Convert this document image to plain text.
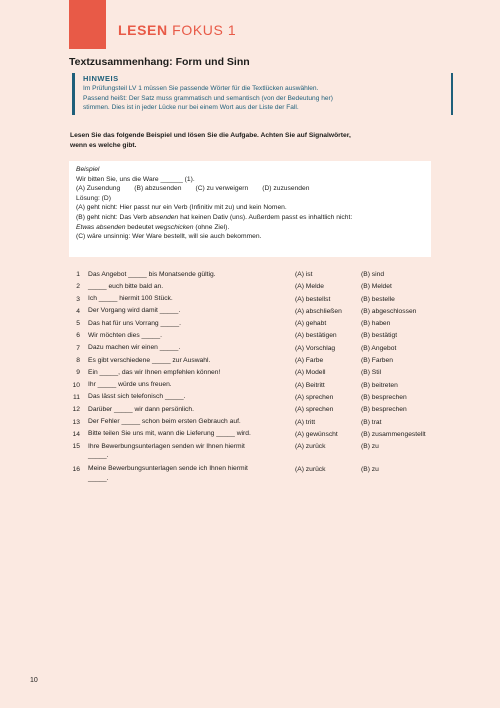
LESEN FOKUS 1
Textzusammenhang: Form und Sinn
HINWEIS
Im Prüfungsteil LV 1 müssen Sie passende Wörter für die Textlücken auswählen.
Passend heißt: Der Satz muss grammatisch und semantisch (von der Bedeutung her)
stimmen. Dies ist in jeder Lücke nur bei einem Wort aus der Liste der Fall.
Lesen Sie das folgende Beispiel und lösen Sie die Aufgabe. Achten Sie auf Signalwörter,
wenn es welche gibt.
Beispiel
Wir bitten Sie, uns die Ware ______ (1).
(A) Zusendung (B) abzusenden (C) zu verweigern (D) zuzusenden
Lösung: (D)
(A) geht nicht: Hier passt nur ein Verb (Infinitiv mit zu) und kein Nomen.
(B) geht nicht: Das Verb absenden hat keinen Dativ (uns). Außerdem passt es inhaltlich nicht:
Etwas absenden bedeutet wegschicken (ohne Ziel).
(C) wäre unsinnig: Wer Ware bestellt, will sie auch bekommen.
1 Das Angebot _____ bis Monatsende gültig.	(A) ist	(B) sind
2 _____ euch bitte bald an.	(A) Melde	(B) Meldet
3 Ich _____ hiermit 100 Stück.	(A) bestellst	(B) bestelle
4 Der Vorgang wird damit _____.	(A) abschließen	(B) abgeschlossen
5 Das hat für uns Vorrang _____.	(A) gehabt	(B) haben
6 Wir möchten dies _____.	(A) bestätigen	(B) bestätigt
7 Dazu machen wir einen _____.	(A) Vorschlag	(B) Angebot
8 Es gibt verschiedene _____ zur Auswahl.	(A) Farbe	(B) Farben
9 Ein _____, das wir Ihnen empfehlen können!	(A) Modell	(B) Stil
10 Ihr _____ würde uns freuen.	(A) Beitritt	(B) beitreten
11 Das lässt sich telefonisch _____.	(A) sprechen	(B) besprechen
12 Darüber _____ wir dann persönlich.	(A) sprechen	(B) besprechen
13 Der Fehler _____ schon beim ersten Gebrauch auf.	(A) tritt	(B) trat
14 Bitte teilen Sie uns mit, wann die Lieferung _____ wird.	(A) gewünscht	(B) zusammengestellt
15 Ihre Bewerbungsunterlagen senden wir Ihnen hiermit _____.
(A) zurück	(B) zu
16 Meine Bewerbungsunterlagen sende ich Ihnen hiermit _____.
(A) zurück	(B) zu
10
